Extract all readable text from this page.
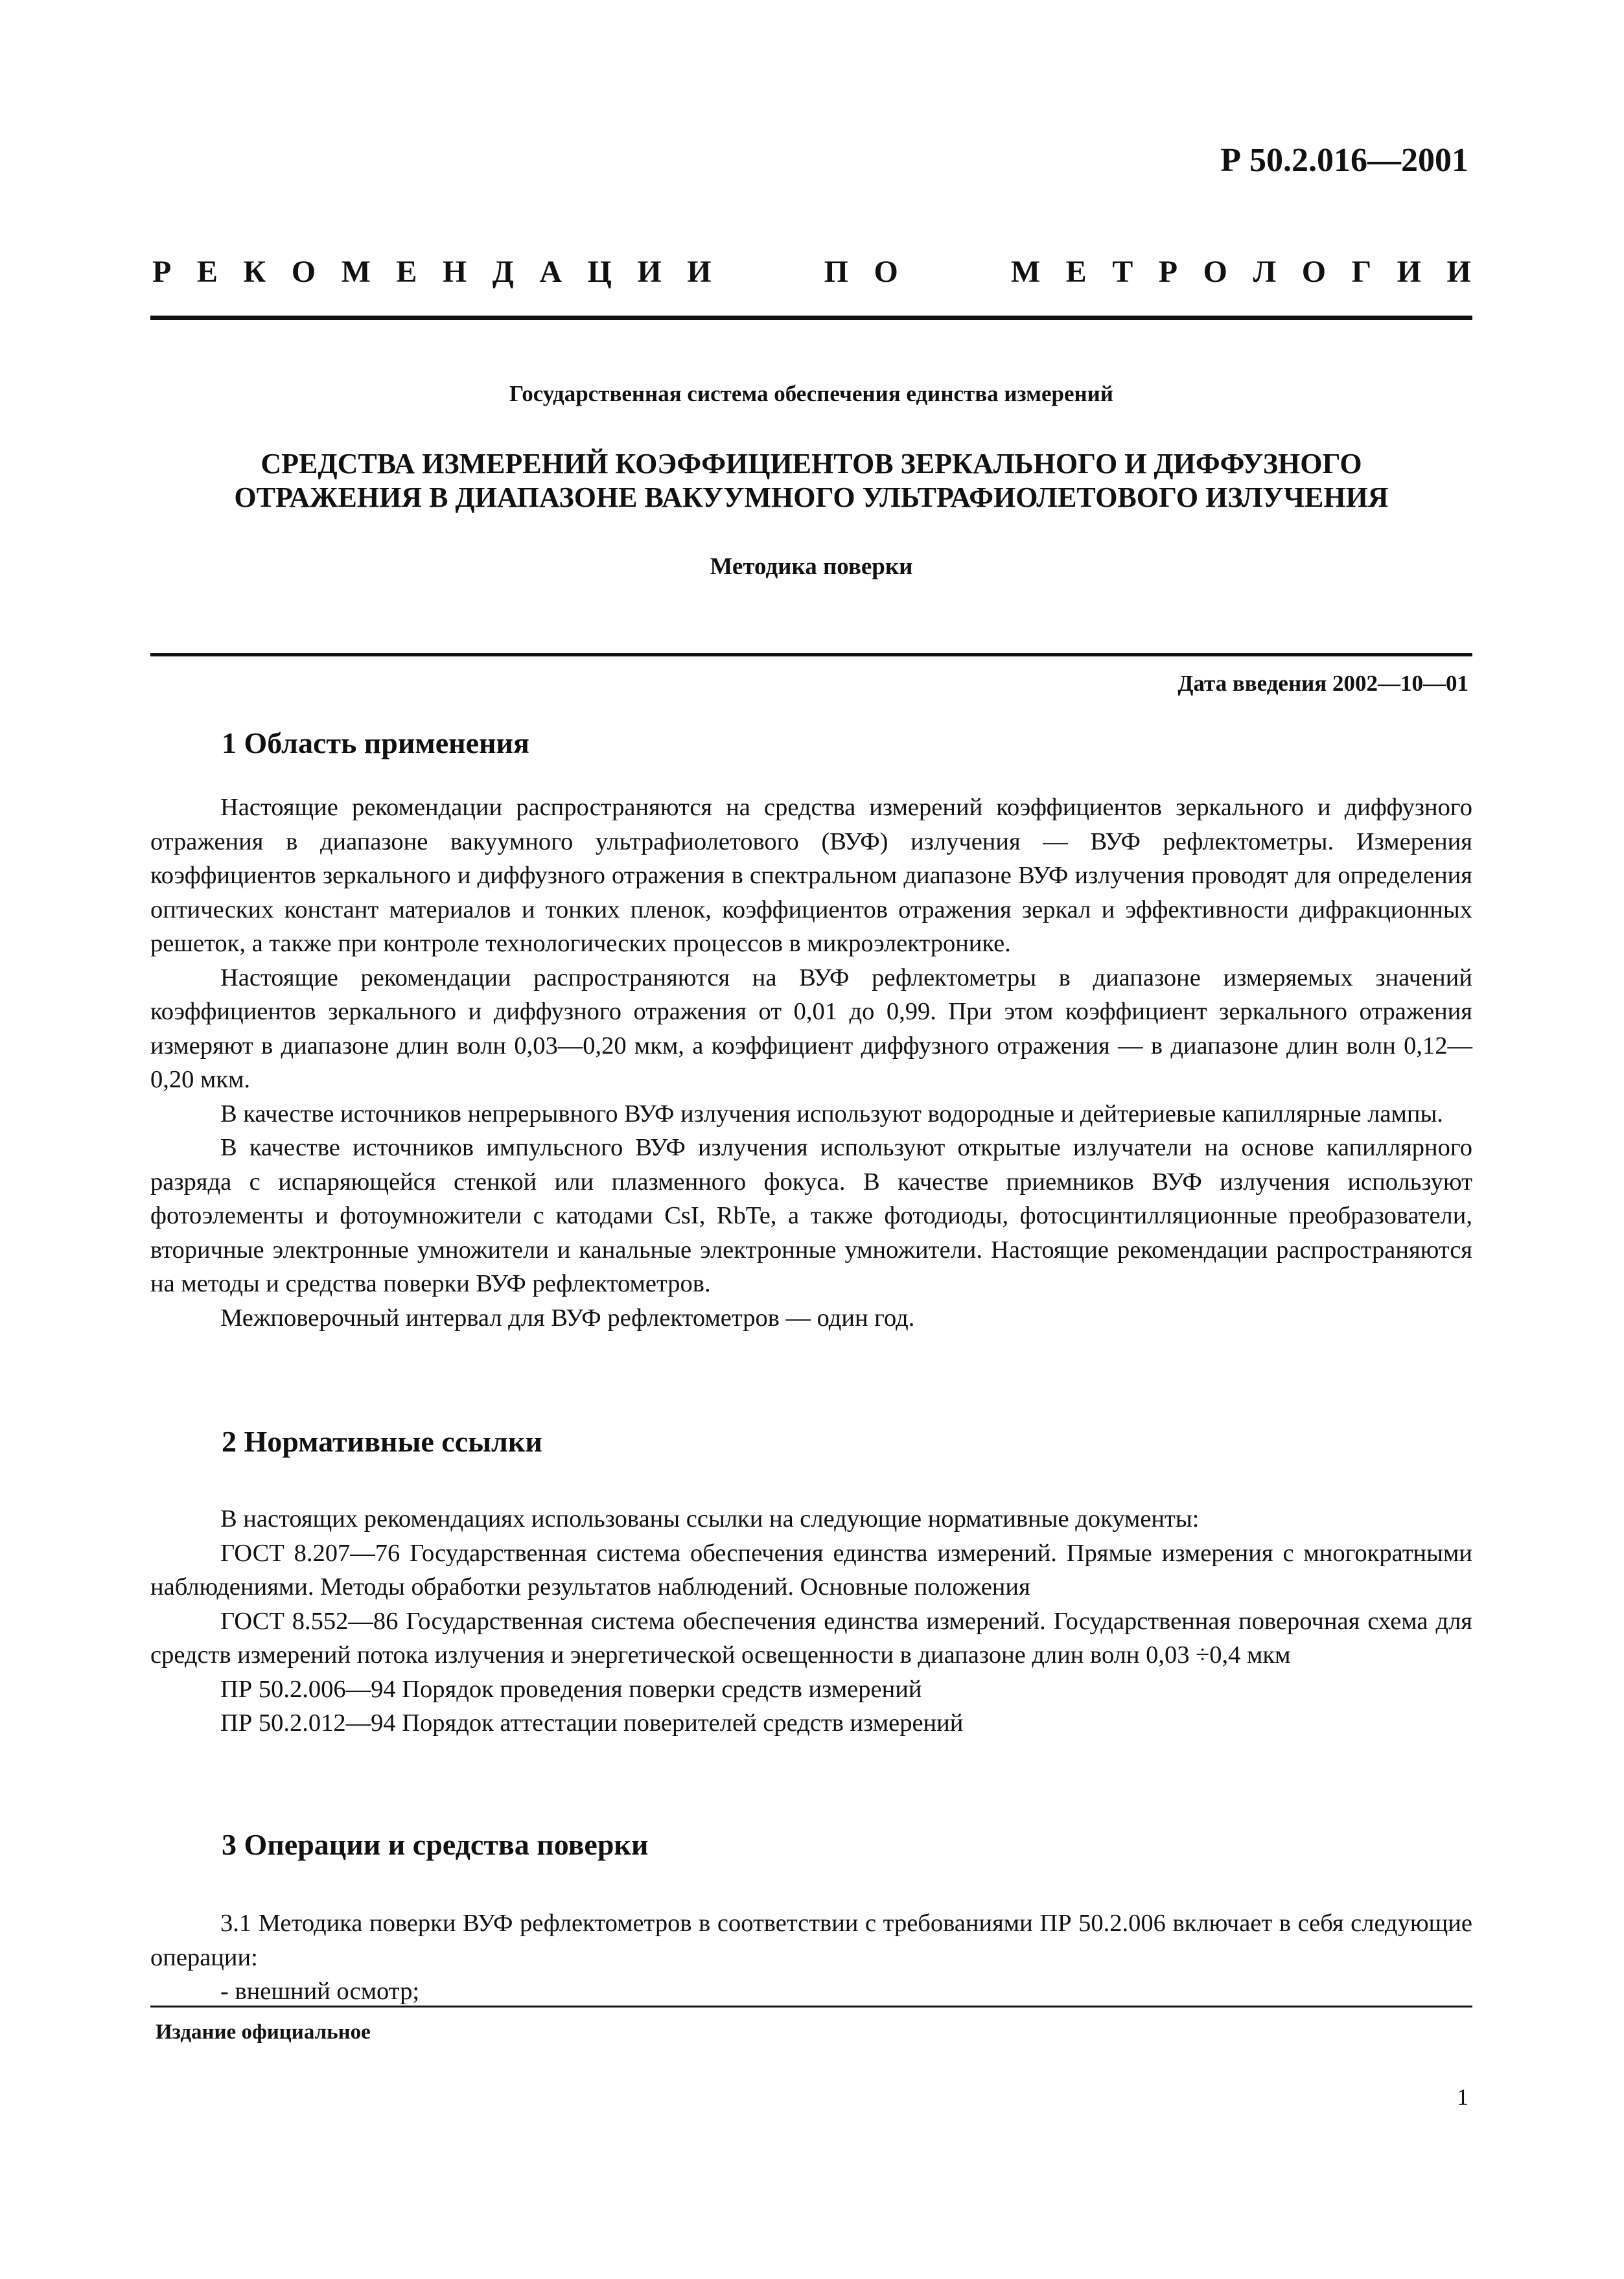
Р 50.2.016—2001
Р Е К О М Е Н Д А Ц И И	П О	М Е Т Р О Л О Г И И
Государственная система обеспечения единства измерений
СРЕДСТВА ИЗМЕРЕНИЙ КОЭФФИЦИЕНТОВ ЗЕРКАЛЬНОГО И ДИФФУЗНОГО
ОТРАЖЕНИЯ В ДИАПАЗОНЕ ВАКУУМНОГО УЛЬТРАФИОЛЕТОВОГО ИЗЛУЧЕНИЯ
Методика поверки
Дата введения 2002—10—01
1 Область применения

Настоящие рекомендации распространяются на средства измерений коэффициентов зеркального и диффузного отражения в диапазоне вакуумного ультрафиолетового (ВУФ) излучения — ВУФ рефлектометры. Измерения коэффициентов зеркального и диффузного отражения в спектральном диапазоне ВУФ излучения проводят для определения оптических констант материалов и тонких пленок, коэффициентов отражения зеркал и эффективности дифракционных решеток, а также при контроле технологических процессов в микроэлектронике.

Настоящие рекомендации распространяются на ВУФ рефлектометры в диапазоне измеряемых значений коэффициентов зеркального и диффузного отражения от 0,01 до 0,99. При этом коэффициент зеркального отражения измеряют в диапазоне длин волн 0,03—0,20 мкм, а коэффициент диффузного отражения — в диапазоне длин волн 0,12—0,20 мкм.

В качестве источников непрерывного ВУФ излучения используют водородные и дейтериевые капиллярные лампы.

В качестве источников импульсного ВУФ излучения используют открытые излучатели на основе капиллярного разряда с испаряющейся стенкой или плазменного фокуса. В качестве приемников ВУФ излучения используют фотоэлементы и фотоумножители с катодами CsI, RbTe, а также фотодиоды, фотосцинтилляционные преобразователи, вторичные электронные умножители и канальные электронные умножители. Настоящие рекомендации распространяются на методы и средства поверки ВУФ рефлектометров.

Межповерочный интервал для ВУФ рефлектометров — один год.

2 Нормативные ссылки

В настоящих рекомендациях использованы ссылки на следующие нормативные документы:

ГОСТ 8.207—76 Государственная система обеспечения единства измерений. Прямые измерения с многократными наблюдениями. Методы обработки результатов наблюдений. Основные положения

ГОСТ 8.552—86 Государственная система обеспечения единства измерений. Государственная поверочная схема для средств измерений потока излучения и энергетической освещенности в диапазоне длин волн 0,03 ÷0,4 мкм

ПР 50.2.006—94 Порядок проведения поверки средств измерений

ПР 50.2.012—94 Порядок аттестации поверителей средств измерений

3 Операции и средства поверки

3.1 Методика поверки ВУФ рефлектометров в соответствии с требованиями ПР 50.2.006 включает в себя следующие операции:

- внешний осмотр;

Издание официальное
1
